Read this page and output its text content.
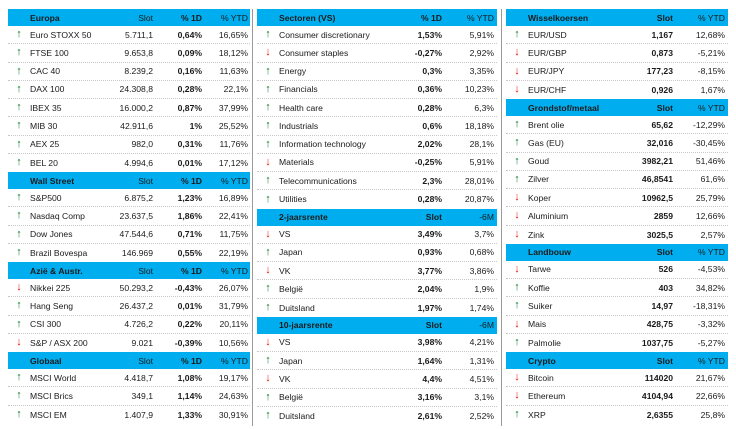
Europa	Slot	% 1D	% YTD
↑ Euro STOXX 50	5.711,1	0,64%	16,65%
↑ FTSE 100	9.653,8	0,09%	18,12%
↑ CAC 40	8.239,2	0,16%	11,63%
↑ DAX 100	24.308,8	0,28%	22,1%
↑ IBEX 35	16.000,2	0,87%	37,99%
↑ MIB 30	42.911,6	1%	25,52%
↑ AEX 25	982,0	0,31%	11,76%
↑ BEL 20	4.994,6	0,01%	17,12%
Wall Street	Slot	% 1D	% YTD
↑ S&P500	6.875,2	1,23%	16,89%
↑ Nasdaq Comp	23.637,5	1,86%	22,41%
↑ Dow Jones	47.544,6	0,71%	11,75%
↑ Brazil Bovespa	146.969	0,55%	22,19%
Azië & Austr.	Slot	% 1D	% YTD
↓ Nikkei 225	50.293,2	-0,43%	26,07%
↑ Hang Seng	26.437,2	0,01%	31,79%
↑ CSI 300	4.726,2	0,22%	20,11%
↓ S&P / ASX 200	9.021	-0,39%	10,56%
Globaal	Slot	% 1D	% YTD
↑ MSCI World	4.418,7	1,08%	19,17%
↑ MSCI Brics	349,1	1,14%	24,63%
↑ MSCI EM	1.407,9	1,33%	30,91%
Sectoren (VS)	% 1D	% YTD
↑ Consumer discretionary	1,53%	5,91%
↓ Consumer staples	-0,27%	2,92%
↑ Energy	0,3%	3,35%
↑ Financials	0,36%	10,23%
↑ Health care	0,28%	6,3%
↑ Industrials	0,6%	18,18%
↑ Information technology	2,02%	28,1%
↓ Materials	-0,25%	5,91%
↑ Telecommunications	2,3%	28,01%
↑ Utilities	0,28%	20,87%
2-jaarsrente	Slot	-6M
↓ VS	3,49%	3,7%
↑ Japan	0,93%	0,68%
↓ VK	3,77%	3,86%
↑ België	2,04%	1,9%
↑ Duitsland	1,97%	1,74%
10-jaarsrente	Slot	-6M
↓ VS	3,98%	4,21%
↑ Japan	1,64%	1,31%
↓ VK	4,4%	4,51%
↑ België	3,16%	3,1%
↑ Duitsland	2,61%	2,52%
Wisselkoersen	Slot	% YTD
↑ EUR/USD	1,167	12,68%
↓ EUR/GBP	0,873	-5,21%
↓ EUR/JPY	177,23	-8,15%
↓ EUR/CHF	0,926	1,67%
Grondstof/metaal	Slot	% YTD
↑ Brent olie	65,62	-12,29%
↑ Gas (EU)	32,016	-30,45%
↑ Goud	3982,21	51,46%
↑ Zilver	46,8541	61,6%
↓ Koper	10962,5	25,79%
↓ Aluminium	2859	12,66%
↓ Zink	3025,5	2,57%
Landbouw	Slot	% YTD
↓ Tarwe	526	-4,53%
↑ Koffie	403	34,82%
↑ Suiker	14,97	-18,31%
↓ Mais	428,75	-3,32%
↑ Palmolie	1037,75	-5,27%
Crypto	Slot	% YTD
↓ Bitcoin	114020	21,67%
↓ Ethereum	4104,94	22,66%
↑ XRP	2,6355	25,8%
